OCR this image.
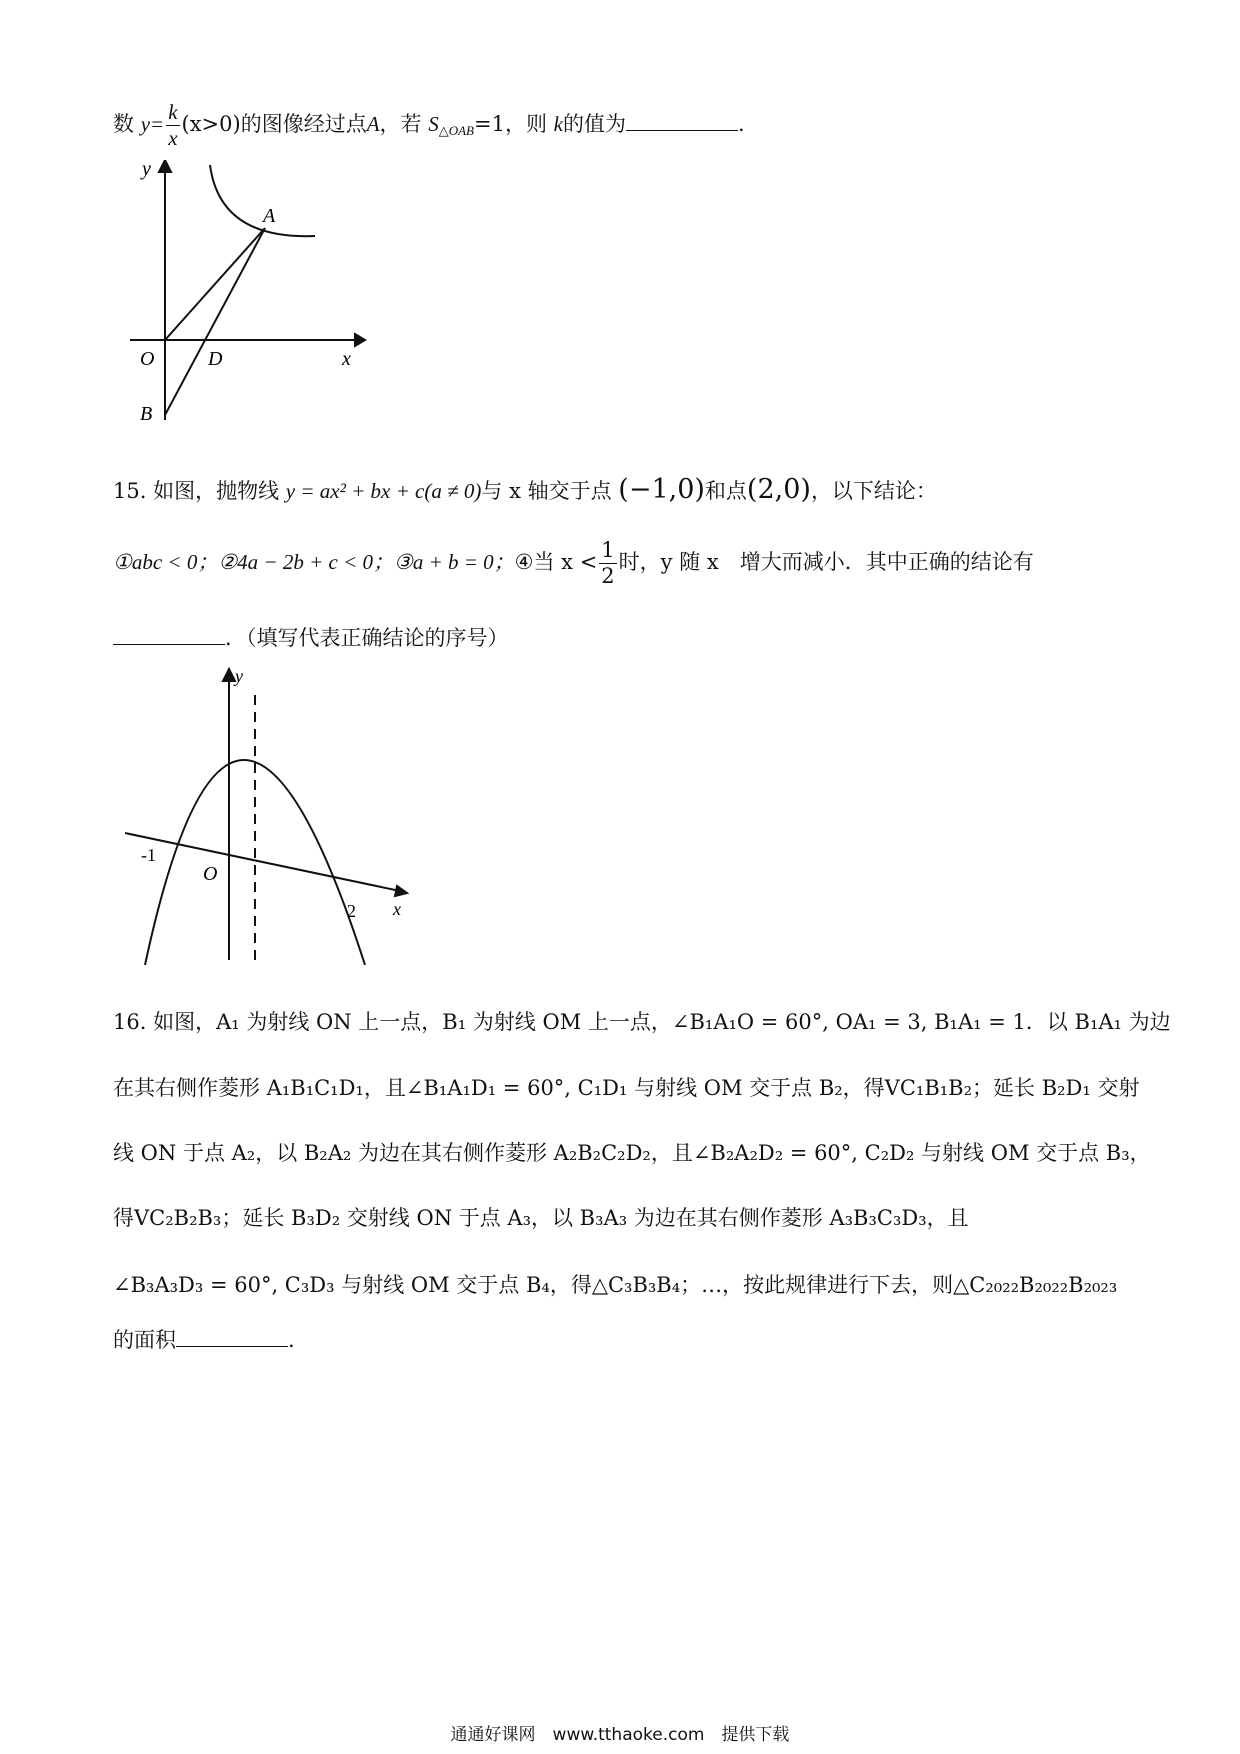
数 $y= \frac{k}{x} (x>0)$的图像经过点A，若 $S_{\triangle OAB}=1$，则 k的值为	.
y
x
O	D
B
A
15. 如图，抛物线 y = ax² + bx + c(a ≠ 0)与 x 轴交于点 (−1,0)和点(2,0)，以下结论：
①abc < 0；②4a − 2b + c < 0；③a + b = 0；④当 $x < \frac{1}{2}$ 时，y 随 x　增大而减小．其中正确的结论有
．（填写代表正确结论的序号）
y
x
O
-1
2
16. 如图，A₁ 为射线 ON 上一点，B₁ 为射线 OM 上一点，∠B₁A₁O = 60°, OA₁ = 3, B₁A₁ = 1．以 B₁A₁ 为边
在其右侧作菱形 A₁B₁C₁D₁，且∠B₁A₁D₁ = 60°, C₁D₁ 与射线 OM 交于点 B₂，得VC₁B₁B₂；延长 B₂D₁ 交射
线 ON 于点 A₂，以 B₂A₂ 为边在其右侧作菱形 A₂B₂C₂D₂，且∠B₂A₂D₂ = 60°, C₂D₂ 与射线 OM 交于点 B₃，
得VC₂B₂B₃；延长 B₃D₂ 交射线 ON 于点 A₃，以 B₃A₃ 为边在其右侧作菱形 A₃B₃C₃D₃，且
∠B₃A₃D₃ = 60°, C₃D₃ 与射线 OM 交于点 B₄，得△C₃B₃B₄；…，按此规律进行下去，则△C₂₀₂₂B₂₀₂₂B₂₀₂₃
的面积	.
通通好课网　www.tthaoke.com　提供下载
